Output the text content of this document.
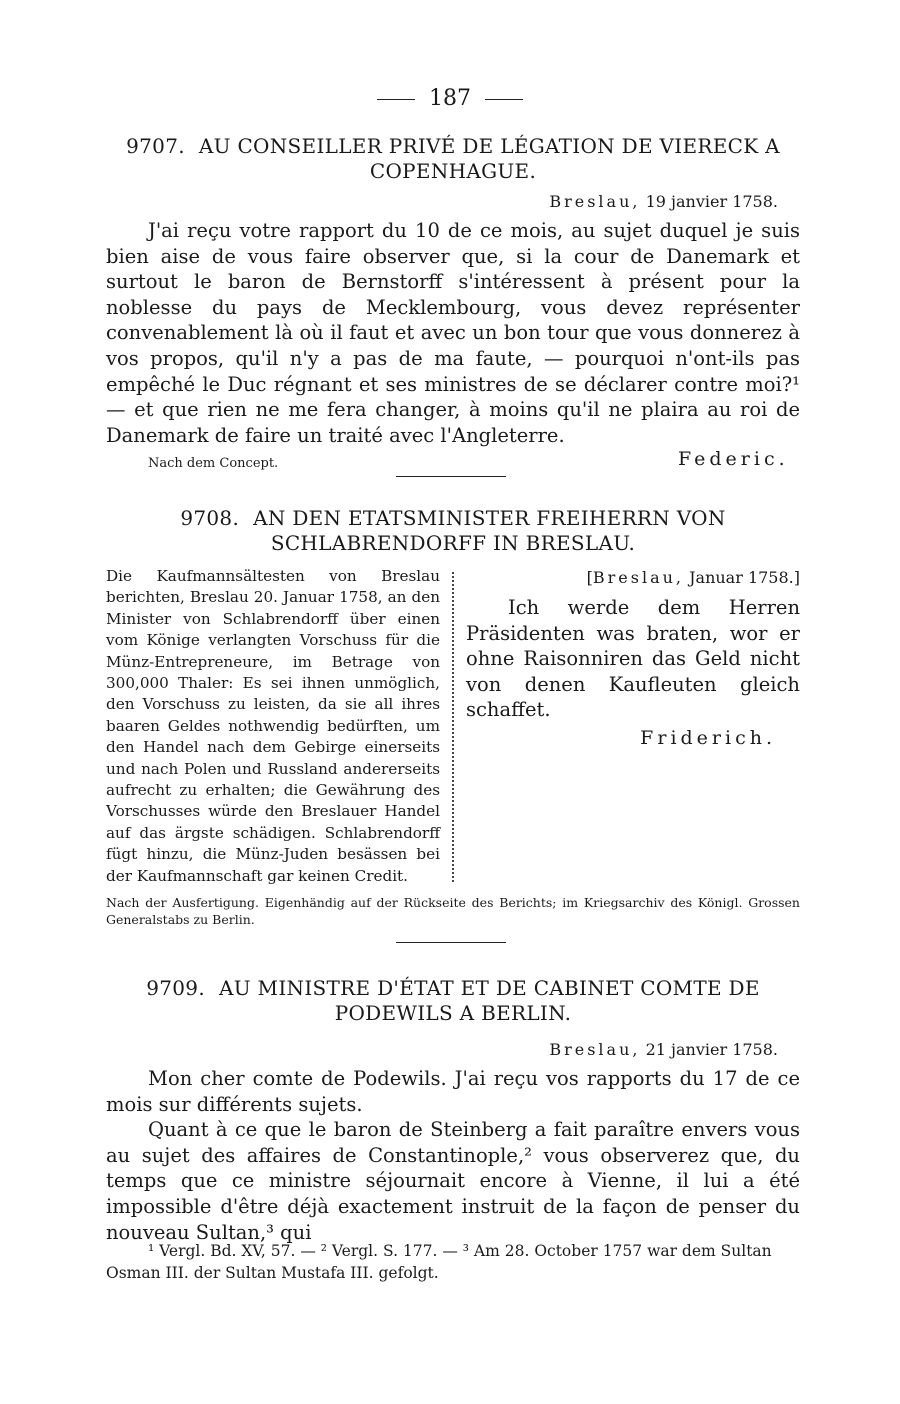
187
9707. AU CONSEILLER PRIVÉ DE LÉGATION DE VIERECK A COPENHAGUE.
Breslau, 19 janvier 1758.

J'ai reçu votre rapport du 10 de ce mois, au sujet duquel je suis bien aise de vous faire observer que, si la cour de Danemark et surtout le baron de Bernstorff s'intéressent à présent pour la noblesse du pays de Mecklembourg, vous devez représenter convenablement là où il faut et avec un bon tour que vous donnerez à vos propos, qu'il n'y a pas de ma faute, — pourquoi n'ont-ils pas empêché le Duc régnant et ses ministres de se déclarer contre moi?¹ — et que rien ne me fera changer, à moins qu'il ne plaira au roi de Danemark de faire un traité avec l'Angleterre.

Nach dem Concept.	Federic.
9708. AN DEN ETATSMINISTER FREIHERRN VON SCHLABRENDORFF IN BRESLAU.

Die Kaufmannsältesten von Breslau berichten, Breslau 20. Januar 1758, an den Minister von Schlabrendorff über einen vom Könige verlangten Vorschuss für die Münz-Entrepreneure, im Betrage von 300,000 Thaler: Es sei ihnen unmöglich, den Vorschuss zu leisten, da sie all ihres baaren Geldes nothwendig bedürften, um den Handel nach dem Gebirge einerseits und nach Polen und Russland andererseits aufrecht zu erhalten; die Gewährung des Vorschusses würde den Breslauer Handel auf das ärgste schädigen. Schlabrendorff fügt hinzu, die Münz-Juden besässen bei der Kaufmannschaft gar keinen Credit.

[Breslau, Januar 1758.]

Ich werde dem Herren Präsidenten was braten, wor er ohne Raisonniren das Geld nicht von denen Kaufleuten gleich schaffet.

Friderich.

Nach der Ausfertigung. Eigenhändig auf der Rückseite des Berichts; im Kriegsarchiv des Königl. Grossen Generalstabs zu Berlin.

9709. AU MINISTRE D'ÉTAT ET DE CABINET COMTE DE PODEWILS A BERLIN.
Breslau, 21 janvier 1758.

Mon cher comte de Podewils. J'ai reçu vos rapports du 17 de ce mois sur différents sujets.

Quant à ce que le baron de Steinberg a fait paraître envers vous au sujet des affaires de Constantinople,² vous observerez que, du temps que ce ministre séjournait encore à Vienne, il lui a été impossible d'être déjà exactement instruit de la façon de penser du nouveau Sultan,³ qui

¹ Vergl. Bd. XV, 57. — ² Vergl. S. 177. — ³ Am 28. October 1757 war dem Sultan Osman III. der Sultan Mustafa III. gefolgt.
